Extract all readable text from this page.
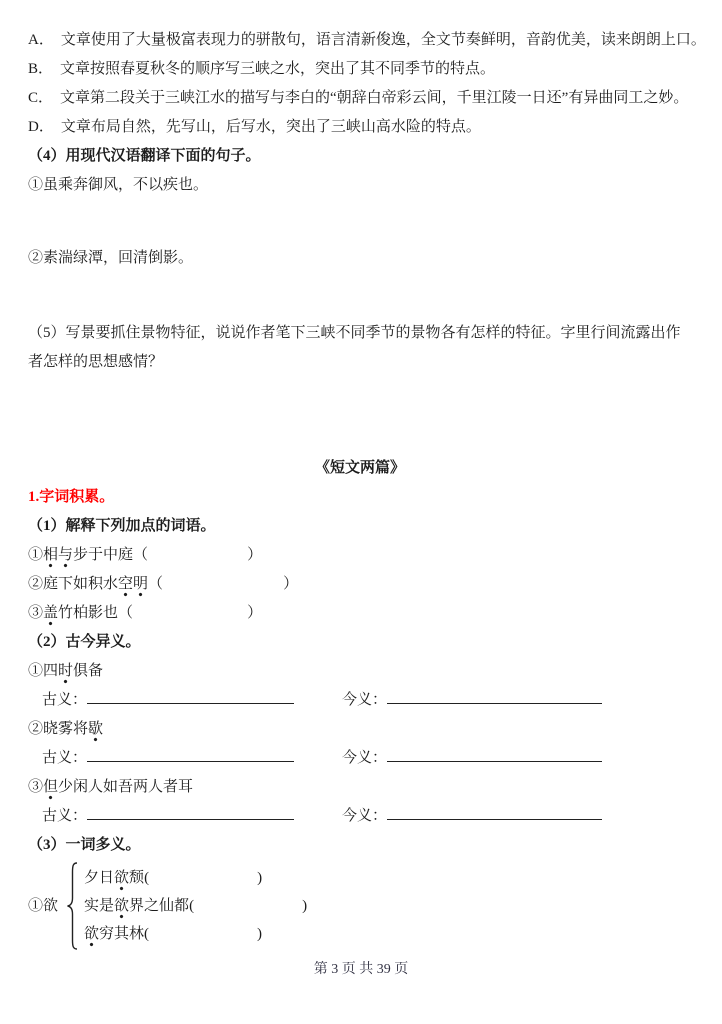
A． 文章使用了大量极富表现力的骈散句，语言清新俊逸，全文节奏鲜明，音韵优美，读来朗朗上口。
B． 文章按照春夏秋冬的顺序写三峡之水，突出了其不同季节的特点。
C． 文章第二段关于三峡江水的描写与李白的“朝辞白帝彩云间，千里江陵一日还”有异曲同工之妙。
D． 文章布局自然，先写山，后写水，突出了三峡山高水险的特点。
（4）用现代汉语翻译下面的句子。
①虽乘奔御风，不以疾也。
②素湍绿潭，回清倒影。
（5）写景要抓住景物特征，说说作者笔下三峡不同季节的景物各有怎样的特征。字里行间流露出作者怎样的思想感情？
《短文两篇》
1.字词积累。
（1）解释下列加点的词语。
①相与步于中庭（	）
②庭下如积水空明（	）
③盖竹柏影也（	）
（2）古今异义。
①四时俱备
古义：	今义：
②晓雾将歇
古义：	今义：
③但少闲人如吾两人者耳
古义：	今义：
（3）一词多义。
①欲
夕日欲颓(	)
实是欲界之仙都(	)
欲穷其林(	)
第 3 页 共 39 页
